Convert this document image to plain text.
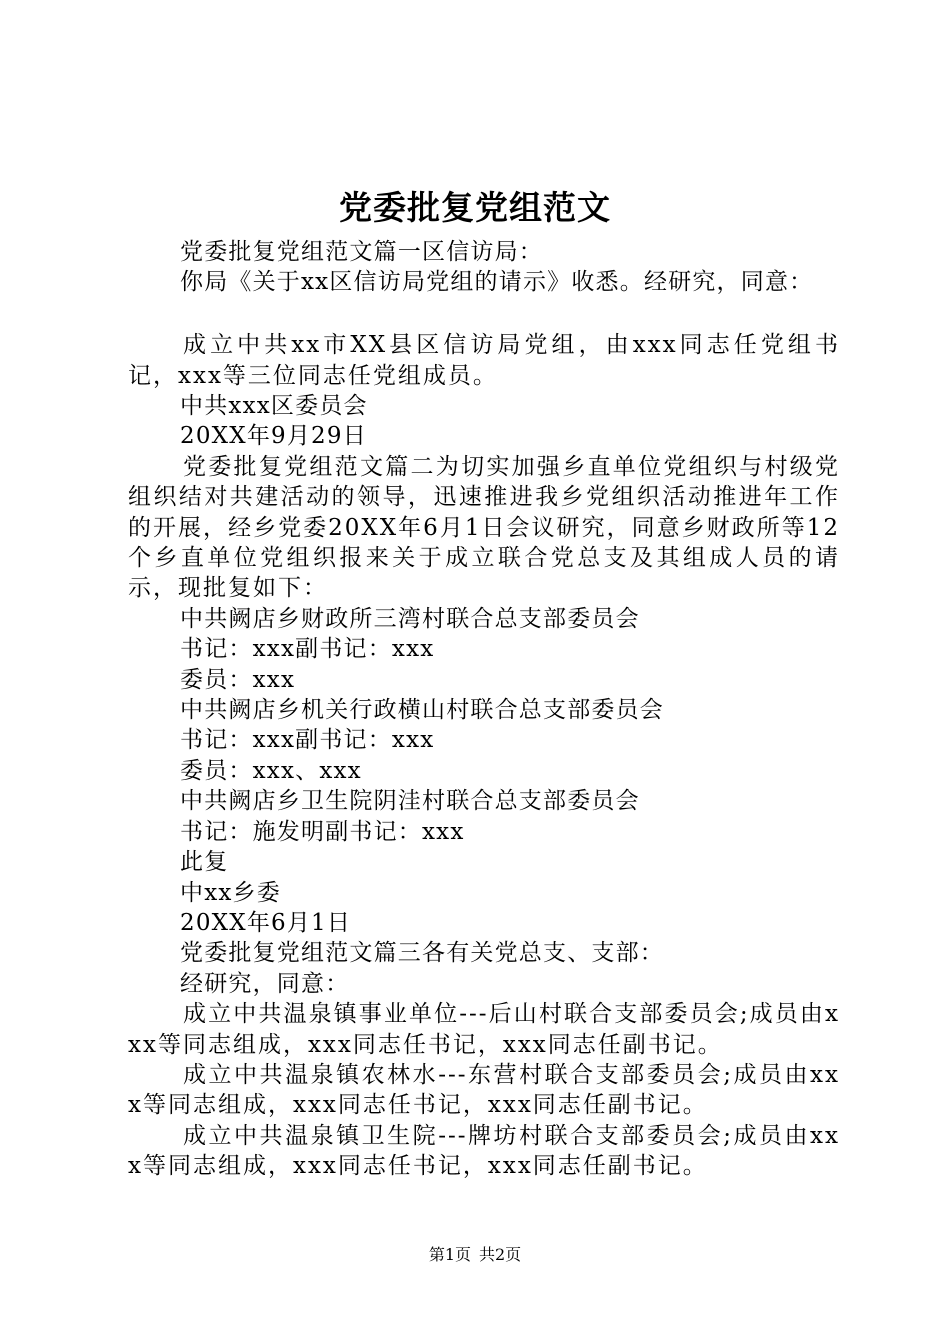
党委批复党组范文
党委批复党组范文篇一区信访局：
你局《关于xx区信访局党组的请示》收悉。经研究，同意：
成立中共xx市XX县区信访局党组，由xxx同志任党组书记，xxx等三位同志任党组成员。
中共xxx区委员会
20XX年9月29日
党委批复党组范文篇二为切实加强乡直单位党组织与村级党组织结对共建活动的领导，迅速推进我乡党组织活动推进年工作的开展，经乡党委20XX年6月1日会议研究，同意乡财政所等12个乡直单位党组织报来关于成立联合党总支及其组成人员的请示，现批复如下：
中共阙店乡财政所三湾村联合总支部委员会
书记：xxx副书记：xxx
委员：xxx
中共阙店乡机关行政横山村联合总支部委员会
书记：xxx副书记：xxx
委员：xxx、xxx
中共阙店乡卫生院阴洼村联合总支部委员会
书记：施发明副书记：xxx
此复
中xx乡委
20XX年6月1日
党委批复党组范文篇三各有关党总支、支部：
经研究，同意：
成立中共温泉镇事业单位---后山村联合支部委员会;成员由xxx等同志组成，xxx同志任书记，xxx同志任副书记。
成立中共温泉镇农林水---东营村联合支部委员会;成员由xxx等同志组成，xxx同志任书记，xxx同志任副书记。
成立中共温泉镇卫生院---牌坊村联合支部委员会;成员由xxx等同志组成，xxx同志任书记，xxx同志任副书记。
第1页 共2页
